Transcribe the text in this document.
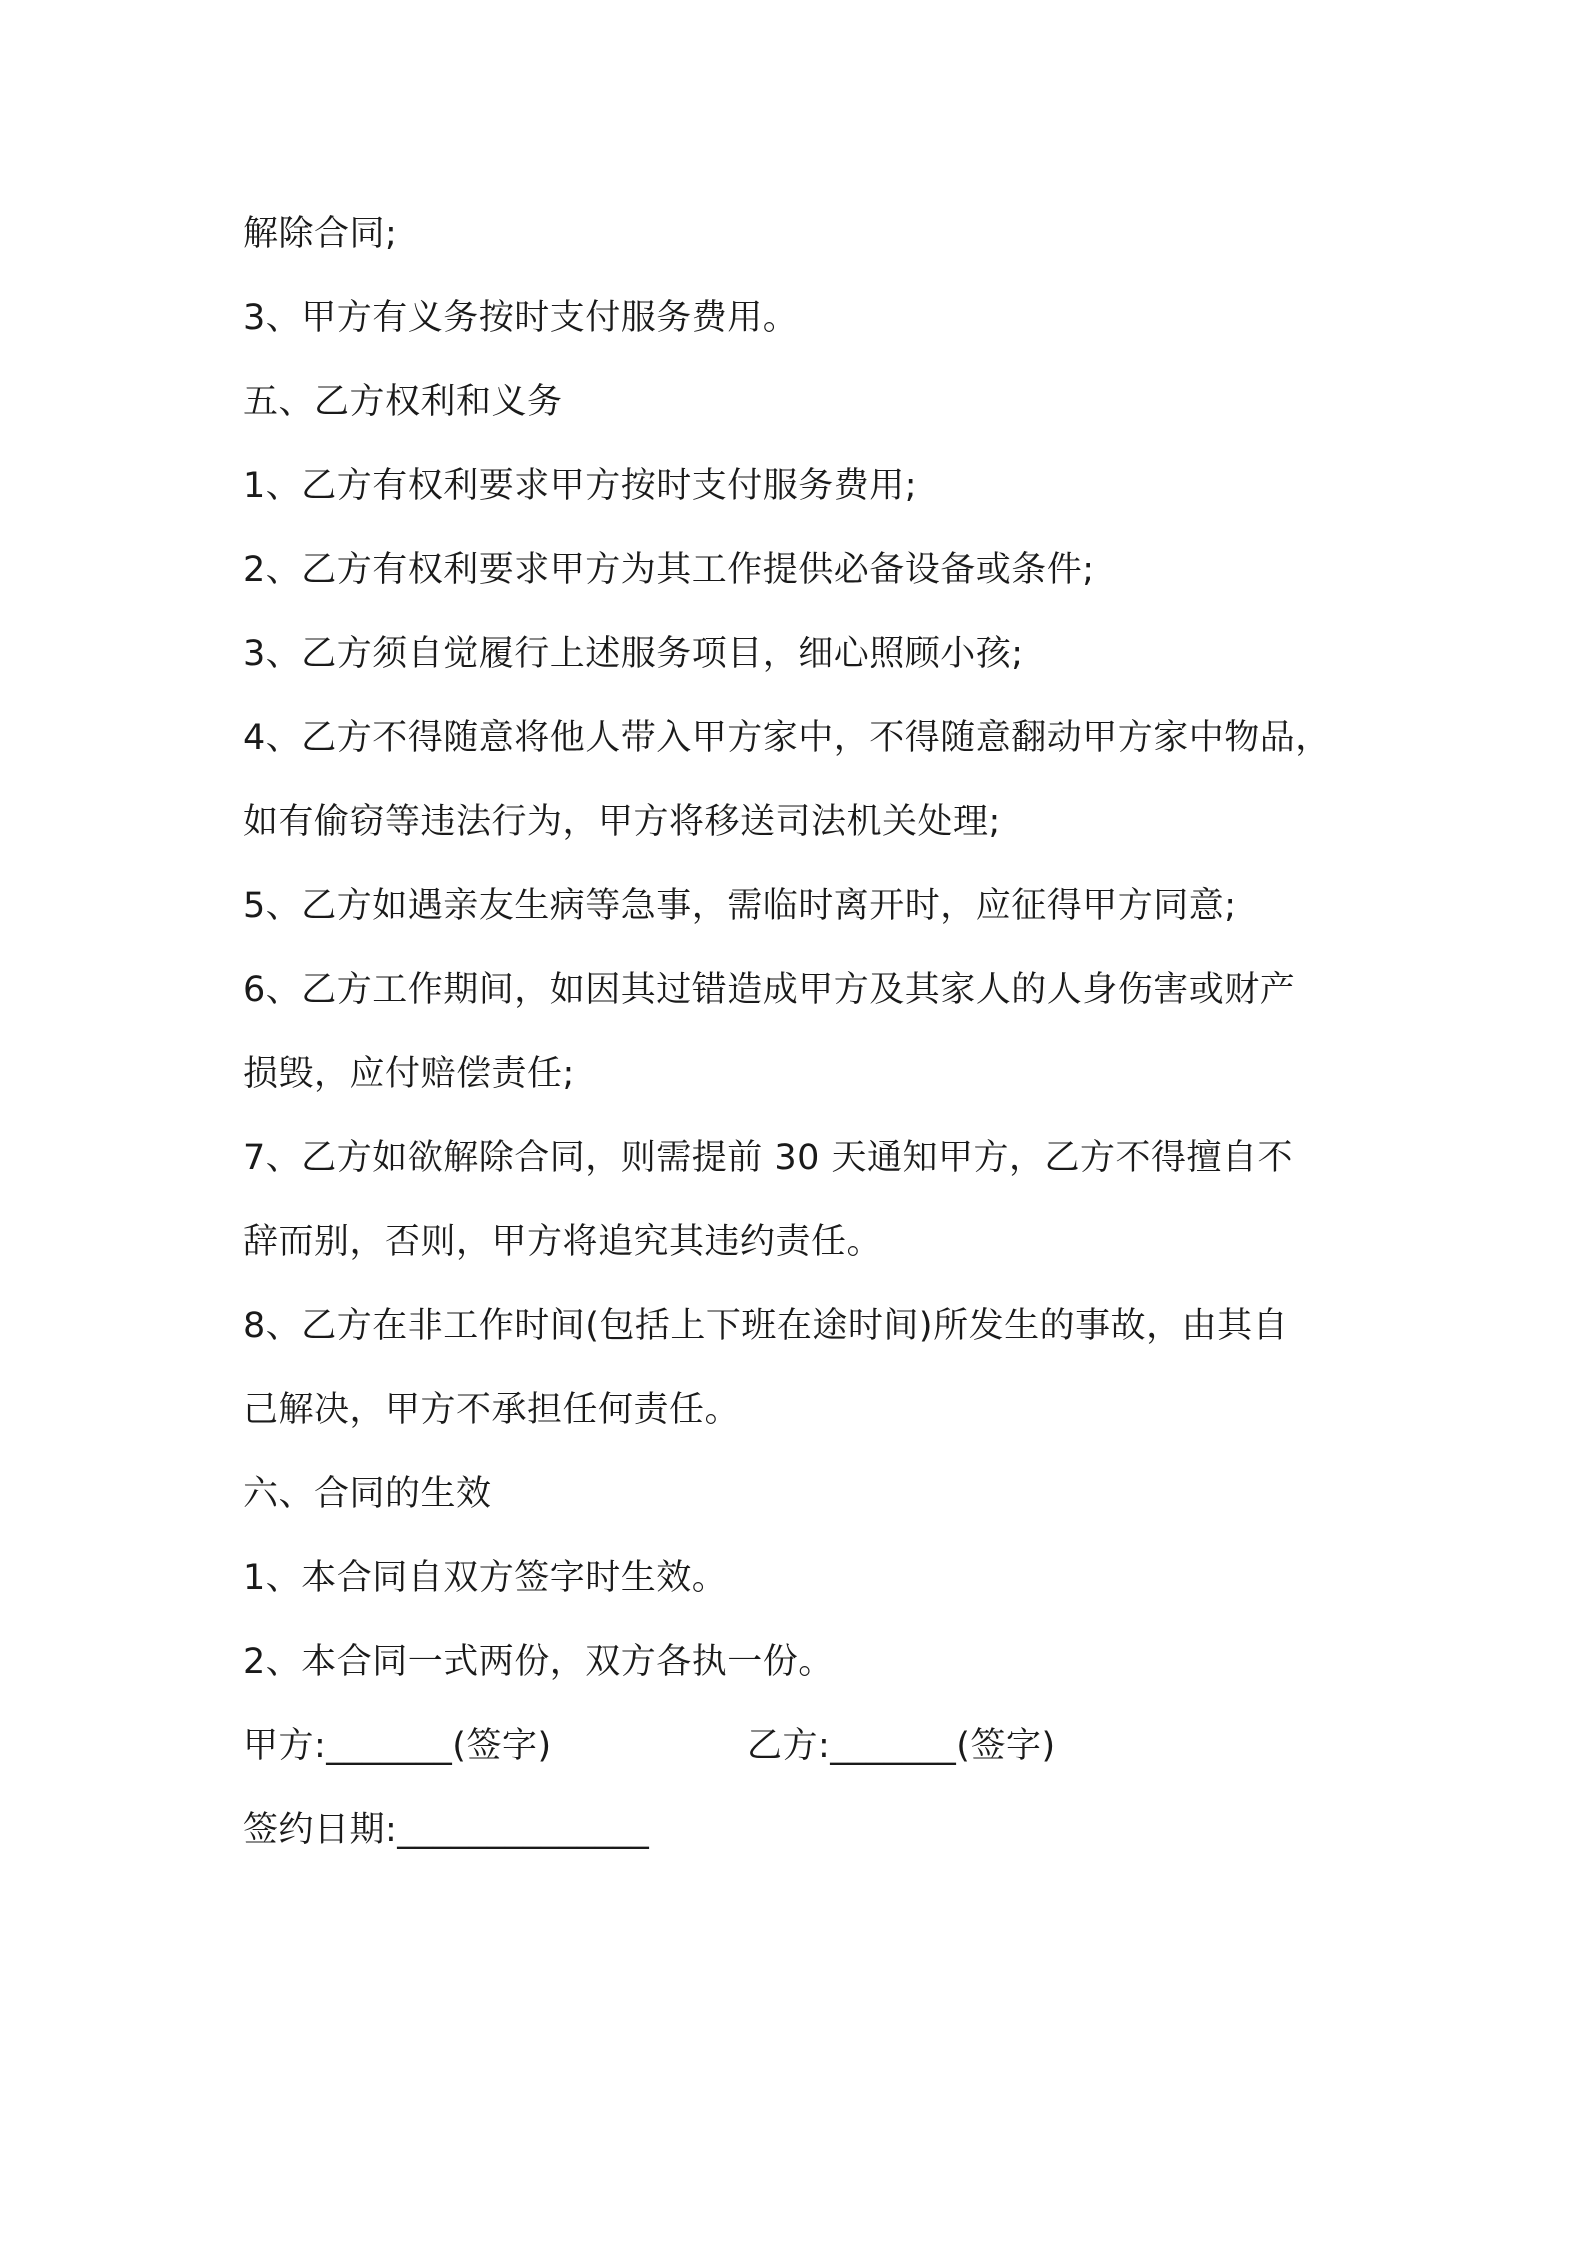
解除合同;
3、甲方有义务按时支付服务费用。
五、乙方权利和义务
1、乙方有权利要求甲方按时支付服务费用;
2、乙方有权利要求甲方为其工作提供必备设备或条件;
3、乙方须自觉履行上述服务项目，细心照顾小孩;
4、乙方不得随意将他人带入甲方家中，不得随意翻动甲方家中物品，
如有偷窃等违法行为，甲方将移送司法机关处理;
5、乙方如遇亲友生病等急事，需临时离开时，应征得甲方同意;
6、乙方工作期间，如因其过错造成甲方及其家人的人身伤害或财产
损毁，应付赔偿责任;
7、乙方如欲解除合同，则需提前 30 天通知甲方，乙方不得擅自不
辞而别，否则，甲方将追究其违约责任。
8、乙方在非工作时间(包括上下班在途时间)所发生的事故，由其自
己解决，甲方不承担任何责任。
六、合同的生效
1、本合同自双方签字时生效。
2、本合同一式两份，双方各执一份。
甲方:_______(签字)	乙方:_______(签字)
签约日期:______________
